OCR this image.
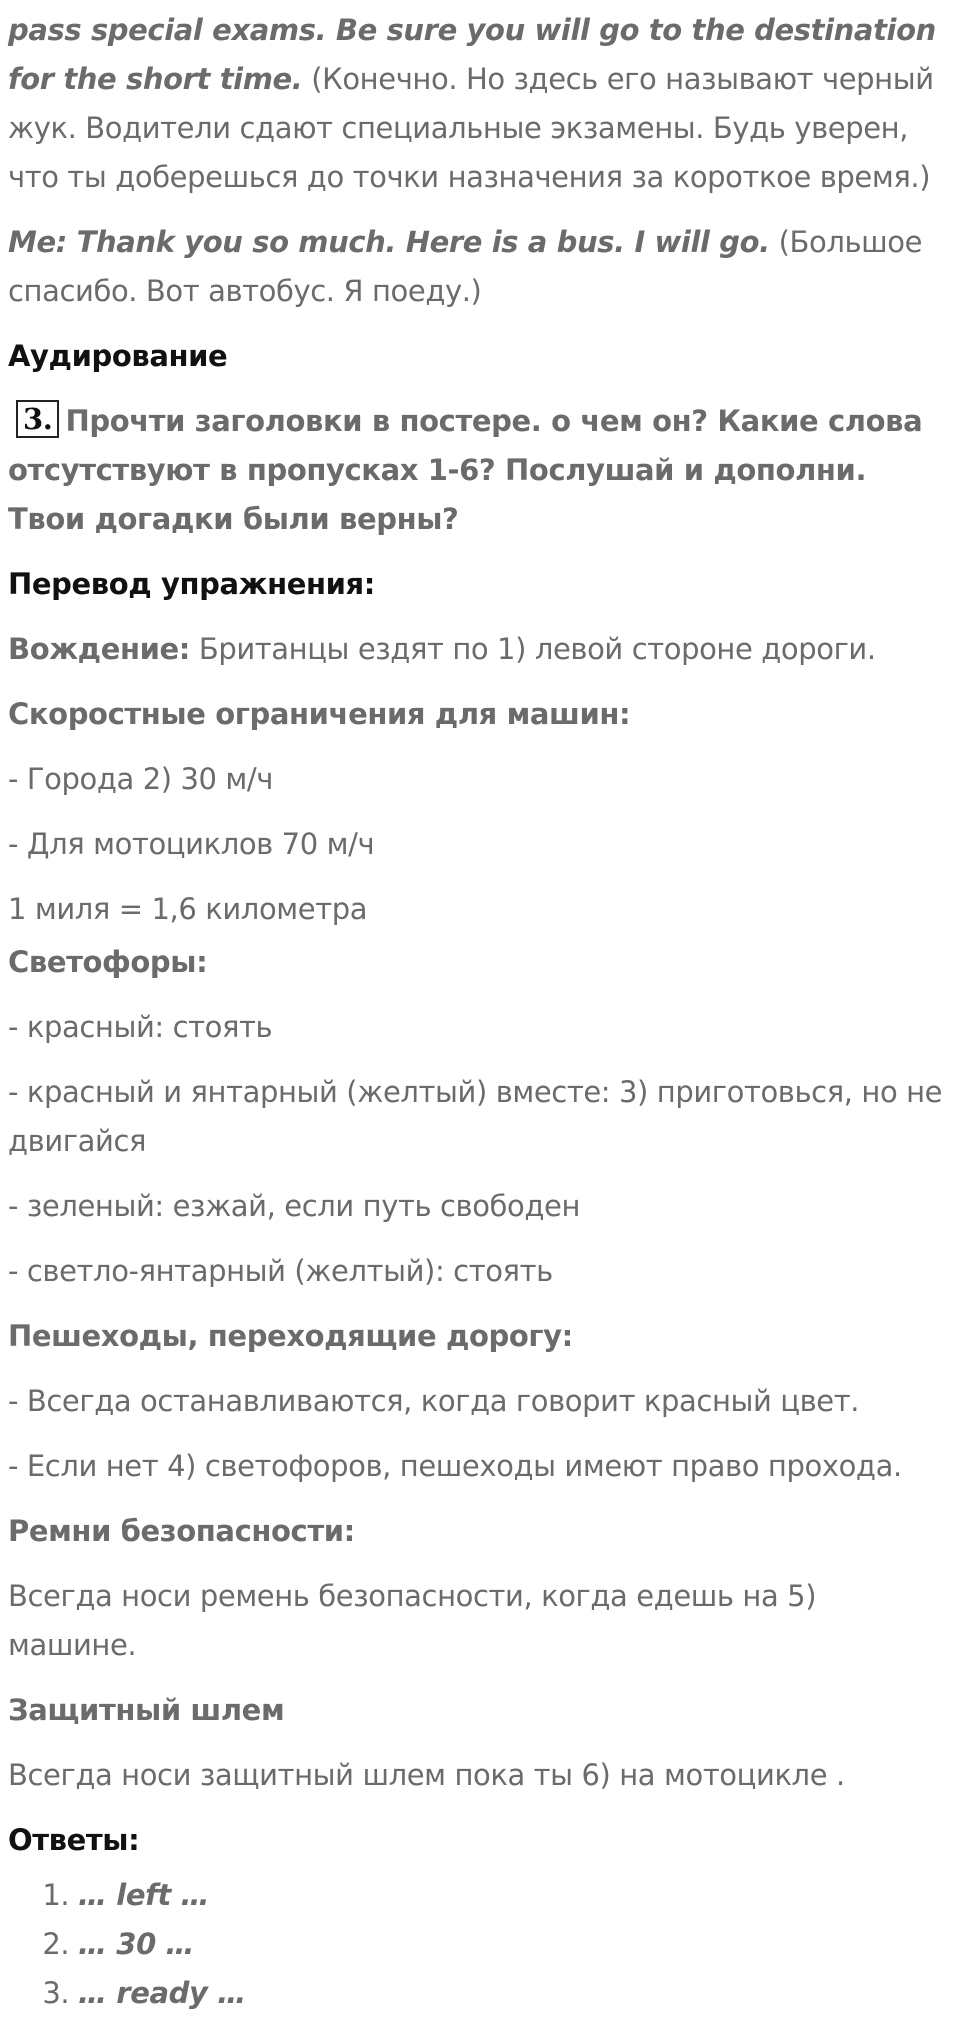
pass special exams. Be sure you will go to the destination for the short time. (Конечно. Но здесь его называют черный жук. Водители сдают специальные экзамены. Будь уверен, что ты доберешься до точки назначения за короткое время.)

Me: Thank you so much. Here is a bus. I will go. (Большое спасибо. Вот автобус. Я поеду.)

Аудирование

3. Прочти заголовки в постере. о чем он? Какие слова отсутствуют в пропусках 1-6? Послушай и дополни. Твои догадки были верны?

Перевод упражнения:

Вождение: Британцы ездят по 1) левой стороне дороги.

Скоростные ограничения для машин:

- Города 2) 30 м/ч

- Для мотоциклов 70 м/ч

1 миля = 1,6 километра

Светофоры:

- красный: стоять

- красный и янтарный (желтый) вместе: 3) приготовься, но не двигайся

- зеленый: езжай, если путь свободен

- светло-янтарный (желтый): стоять

Пешеходы, переходящие дорогу:

- Всегда останавливаются, когда говорит красный цвет.

- Если нет 4) светофоров, пешеходы имеют право прохода.

Ремни безопасности:

Всегда носи ремень безопасности, когда едешь на 5) машине.

Защитный шлем

Всегда носи защитный шлем пока ты 6) на мотоцикле .

Ответы:

1. … left …
2. … 30 …
3. … ready …
